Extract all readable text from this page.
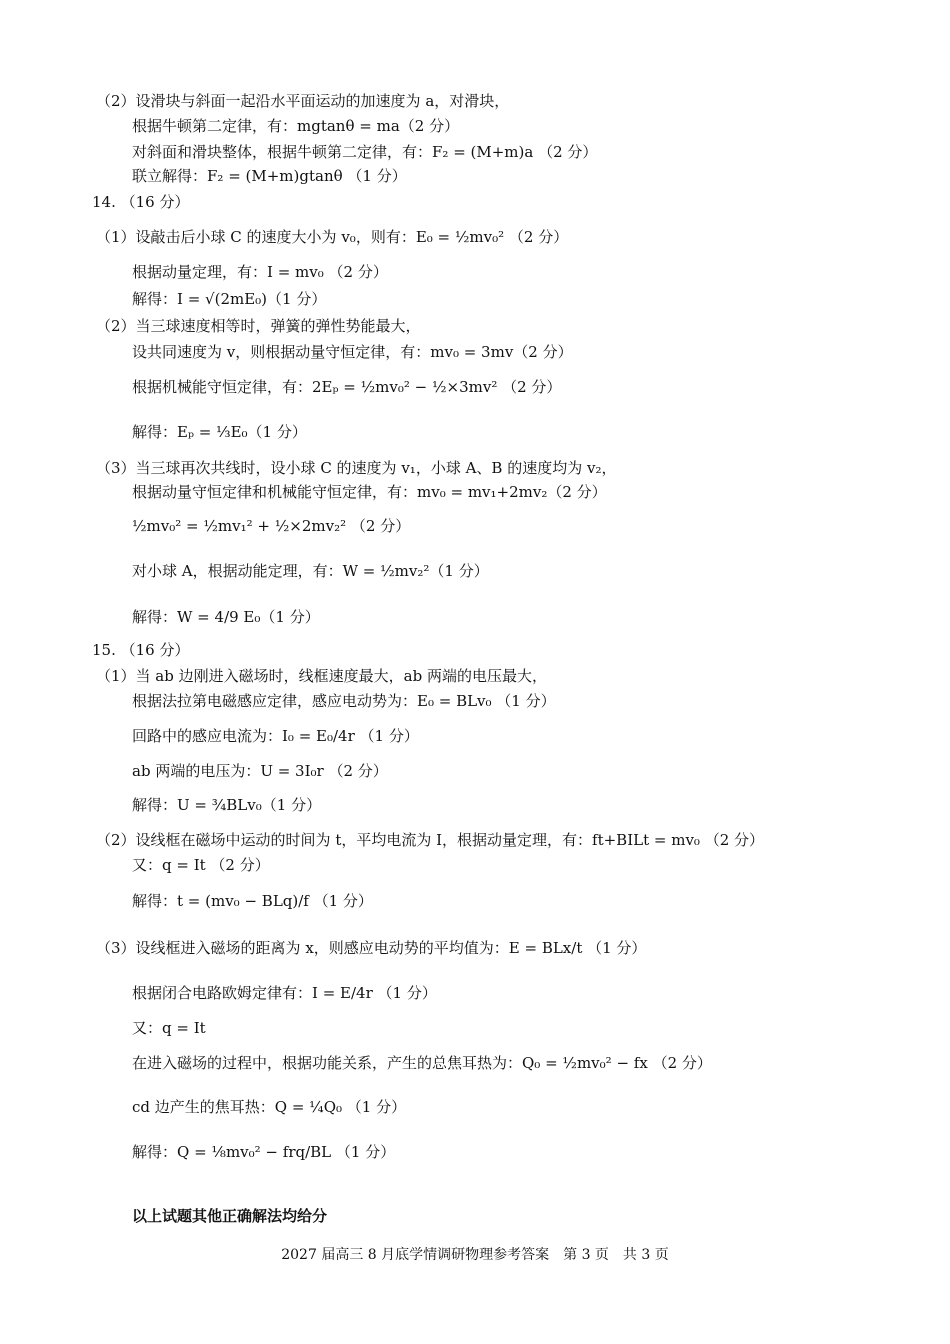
（2）设滑块与斜面一起沿水平面运动的加速度为 a，对滑块，
根据牛顿第二定律，有：mgtanθ = ma（2 分）
对斜面和滑块整体，根据牛顿第二定律，有：F₂ = (M+m)a （2 分）
联立解得：F₂ = (M+m)gtanθ （1 分）
14. （16 分）
（1）设敲击后小球 C 的速度大小为 v₀，则有：E₀ = ½mv₀² （2 分）
根据动量定理，有：I = mv₀ （2 分）
解得：I = √(2mE₀)（1 分）
（2）当三球速度相等时，弹簧的弹性势能最大，
设共同速度为 v，则根据动量守恒定律，有：mv₀ = 3mv（2 分）
根据机械能守恒定律，有：2Eₚ = ½mv₀² − ½×3mv² （2 分）
解得：Eₚ = ⅓E₀（1 分）
（3）当三球再次共线时，设小球 C 的速度为 v₁，小球 A、B 的速度均为 v₂，
根据动量守恒定律和机械能守恒定律，有：mv₀ = mv₁+2mv₂（2 分）
½mv₀² = ½mv₁² + ½×2mv₂² （2 分）
对小球 A，根据动能定理，有：W = ½mv₂²（1 分）
解得：W = 4/9 E₀（1 分）
15. （16 分）
（1）当 ab 边刚进入磁场时，线框速度最大，ab 两端的电压最大，
根据法拉第电磁感应定律，感应电动势为：E₀ = BLv₀ （1 分）
回路中的感应电流为：I₀ = E₀/4r （1 分）
ab 两端的电压为：U = 3I₀r （2 分）
解得：U = ¾BLv₀（1 分）
（2）设线框在磁场中运动的时间为 t，平均电流为 I，根据动量定理，有：ft+BILt = mv₀ （2 分）
又：q = It （2 分）
解得：t = (mv₀ − BLq)/f （1 分）
（3）设线框进入磁场的距离为 x，则感应电动势的平均值为：E = BLx/t （1 分）
根据闭合电路欧姆定律有：I = E/4r （1 分）
又：q = It
在进入磁场的过程中，根据功能关系，产生的总焦耳热为：Q₀ = ½mv₀² − fx （2 分）
cd 边产生的焦耳热：Q = ¼Q₀ （1 分）
解得：Q = ⅛mv₀² − frq/BL （1 分）
以上试题其他正确解法均给分
2027 届高三 8 月底学情调研物理参考答案　第 3 页　共 3 页
